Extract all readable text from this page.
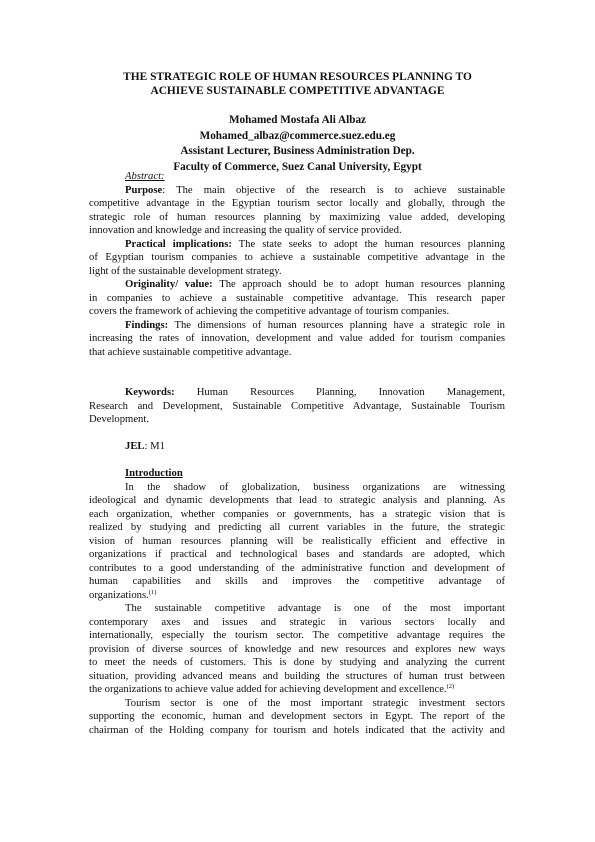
THE STRATEGIC ROLE OF HUMAN RESOURCES PLANNING TO
ACHIEVE SUSTAINABLE COMPETITIVE ADVANTAGE
Mohamed Mostafa Ali Albaz
Mohamed_albaz@commerce.suez.edu.eg
Assistant Lecturer, Business Administration Dep.
Faculty of Commerce, Suez Canal University, Egypt
Abstract:

Purpose: The main objective of the research is to achieve sustainable

competitive advantage in the Egyptian tourism sector locally and globally, through the

strategic role of human resources planning by maximizing value added, developing

innovation and knowledge and increasing the quality of service provided.

Practical implications: The state seeks to adopt the human resources planning

of Egyptian tourism companies to achieve a sustainable competitive advantage in the

light of the sustainable development strategy.

Originality/ value: The approach should be to adopt human resources planning

in companies to achieve a sustainable competitive advantage. This research paper

covers the framework of achieving the competitive advantage of tourism companies.

Findings: The dimensions of human resources planning have a strategic role in

increasing the rates of innovation, development and value added for tourism companies

that achieve sustainable competitive advantage.

Keywords: Human Resources Planning, Innovation Management,

Research and Development, Sustainable Competitive Advantage, Sustainable Tourism

Development.

JEL: M1

Introduction

In the shadow of globalization, business organizations are witnessing

ideological and dynamic developments that lead to strategic analysis and planning. As

each organization, whether companies or governments, has a strategic vision that is

realized by studying and predicting all current variables in the future, the strategic

vision of human resources planning will be realistically efficient and effective in

organizations if practical and technological bases and standards are adopted, which

contributes to a good understanding of the administrative function and development of

human capabilities and skills and improves the competitive advantage of

organizations.$^{(1)}$

The sustainable competitive advantage is one of the most important

contemporary axes and issues and strategic in various sectors locally and

internationally, especially the tourism sector. The competitive advantage requires the

provision of diverse sources of knowledge and new resources and explores new ways

to meet the needs of customers. This is done by studying and analyzing the current

situation, providing advanced means and building the structures of human trust between

the organizations to achieve value added for achieving development and excellence.$^{(2)}$

Tourism sector is one of the most important strategic investment sectors

supporting the economic, human and development sectors in Egypt. The report of the

chairman of the Holding company for tourism and hotels indicated that the activity and
